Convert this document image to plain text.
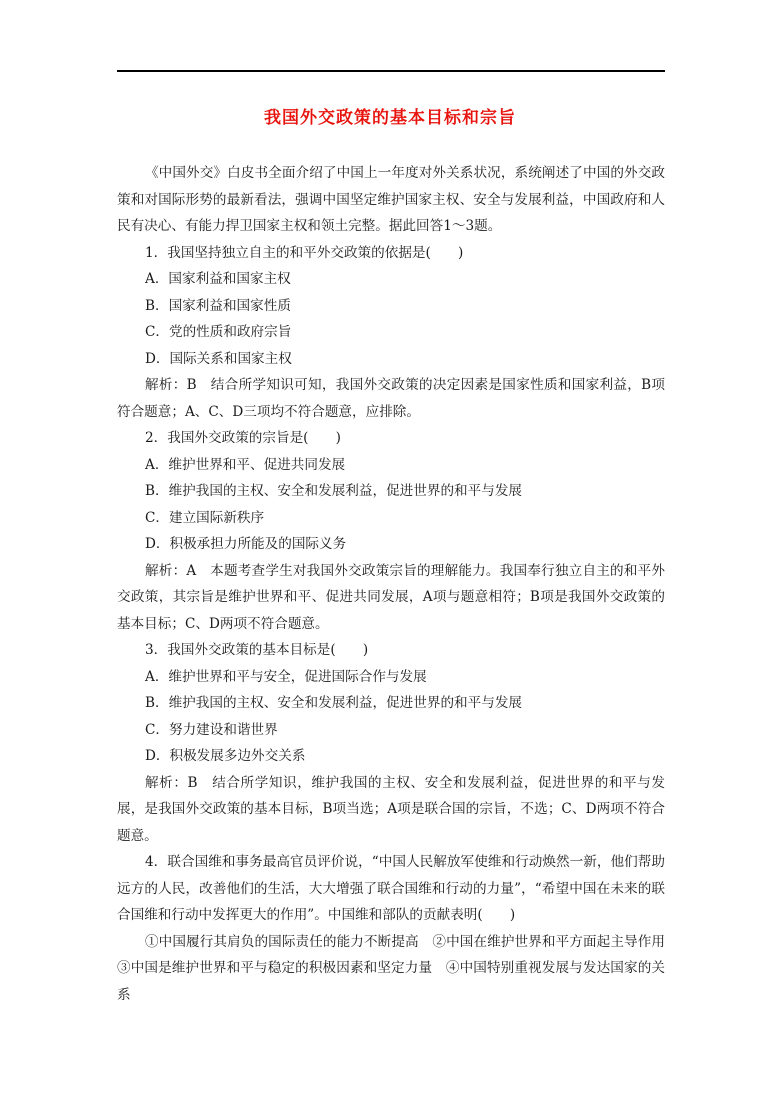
我国外交政策的基本目标和宗旨

《中国外交》白皮书全面介绍了中国上一年度对外关系状况，系统阐述了中国的外交政策和对国际形势的最新看法，强调中国坚定维护国家主权、安全与发展利益，中国政府和人民有决心、有能力捍卫国家主权和领土完整。据此回答1～3题。

1．我国坚持独立自主的和平外交政策的依据是(　　)

A．国家利益和国家主权

B．国家利益和国家性质

C．党的性质和政府宗旨

D．国际关系和国家主权

解析：B　结合所学知识可知，我国外交政策的决定因素是国家性质和国家利益，B项符合题意；A、C、D三项均不符合题意，应排除。

2．我国外交政策的宗旨是(　　)

A．维护世界和平、促进共同发展

B．维护我国的主权、安全和发展利益，促进世界的和平与发展

C．建立国际新秩序

D．积极承担力所能及的国际义务

解析：A　本题考查学生对我国外交政策宗旨的理解能力。我国奉行独立自主的和平外交政策，其宗旨是维护世界和平、促进共同发展，A项与题意相符；B项是我国外交政策的基本目标；C、D两项不符合题意。

3．我国外交政策的基本目标是(　　)

A．维护世界和平与安全，促进国际合作与发展

B．维护我国的主权、安全和发展利益，促进世界的和平与发展

C．努力建设和谐世界

D．积极发展多边外交关系

解析：B　结合所学知识，维护我国的主权、安全和发展利益，促进世界的和平与发展，是我国外交政策的基本目标，B项当选；A项是联合国的宗旨，不选；C、D两项不符合题意。

4．联合国维和事务最高官员评价说，“中国人民解放军使维和行动焕然一新，他们帮助远方的人民，改善他们的生活，大大增强了联合国维和行动的力量”，“希望中国在未来的联合国维和行动中发挥更大的作用”。中国维和部队的贡献表明(　　)

①中国履行其肩负的国际责任的能力不断提高　②中国在维护世界和平方面起主导作用　③中国是维护世界和平与稳定的积极因素和坚定力量　④中国特别重视发展与发达国家的关系
